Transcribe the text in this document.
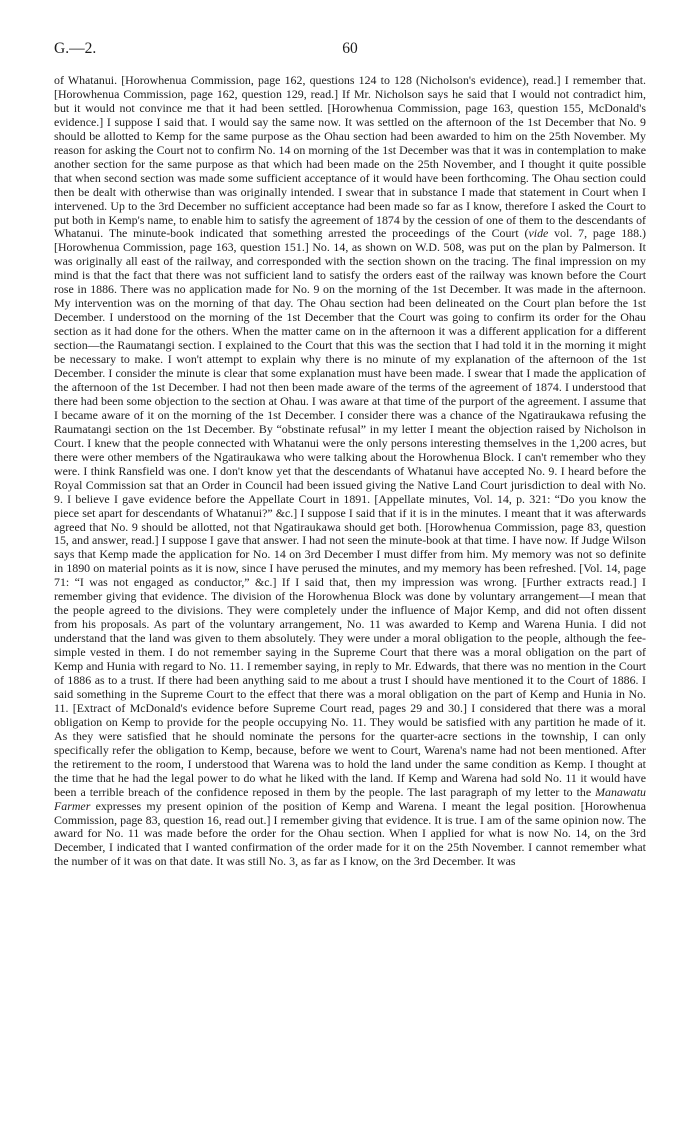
G.—2.	60

of Whatanui. [Horowhenua Commission, page 162, questions 124 to 128 (Nicholson's evidence), read.] I remember that. [Horowhenua Commission, page 162, question 129, read.] If Mr. Nicholson says he said that I would not contradict him, but it would not convince me that it had been settled. [Horowhenua Commission, page 163, question 155, McDonald's evidence.] I suppose I said that. I would say the same now. It was settled on the afternoon of the 1st December that No. 9 should be allotted to Kemp for the same purpose as the Ohau section had been awarded to him on the 25th November. My reason for asking the Court not to confirm No. 14 on morning of the 1st December was that it was in contemplation to make another section for the same purpose as that which had been made on the 25th November, and I thought it quite possible that when second section was made some sufficient acceptance of it would have been forthcoming. The Ohau section could then be dealt with otherwise than was originally intended. I swear that in substance I made that statement in Court when I intervened. Up to the 3rd December no sufficient acceptance had been made so far as I know, therefore I asked the Court to put both in Kemp's name, to enable him to satisfy the agreement of 1874 by the cession of one of them to the descendants of Whatanui. The minute-book indicated that something arrested the proceedings of the Court (vide vol. 7, page 188.) [Horowhenua Commission, page 163, question 151.] No. 14, as shown on W.D. 508, was put on the plan by Palmerson. It was originally all east of the railway, and corresponded with the section shown on the tracing. The final impression on my mind is that the fact that there was not sufficient land to satisfy the orders east of the railway was known before the Court rose in 1886. There was no application made for No. 9 on the morning of the 1st December. It was made in the afternoon. My intervention was on the morning of that day. The Ohau section had been delineated on the Court plan before the 1st December. I understood on the morning of the 1st December that the Court was going to confirm its order for the Ohau section as it had done for the others. When the matter came on in the afternoon it was a different application for a different section—the Raumatangi section. I explained to the Court that this was the section that I had told it in the morning it might be necessary to make. I won't attempt to explain why there is no minute of my explanation of the afternoon of the 1st December. I consider the minute is clear that some explanation must have been made. I swear that I made the application of the afternoon of the 1st December. I had not then been made aware of the terms of the agreement of 1874. I understood that there had been some objection to the section at Ohau. I was aware at that time of the purport of the agreement. I assume that I became aware of it on the morning of the 1st December. I consider there was a chance of the Ngatiraukawa refusing the Raumatangi section on the 1st December. By “obstinate refusal” in my letter I meant the objection raised by Nicholson in Court. I knew that the people connected with Whatanui were the only persons interesting themselves in the 1,200 acres, but there were other members of the Ngatiraukawa who were talking about the Horowhenua Block. I can't remember who they were. I think Ransfield was one. I don't know yet that the descendants of Whatanui have accepted No. 9. I heard before the Royal Commission sat that an Order in Council had been issued giving the Native Land Court jurisdiction to deal with No. 9. I believe I gave evidence before the Appellate Court in 1891. [Appellate minutes, Vol. 14, p. 321: “Do you know the piece set apart for descendants of Whatanui?” &c.] I suppose I said that if it is in the minutes. I meant that it was afterwards agreed that No. 9 should be allotted, not that Ngatiraukawa should get both. [Horowhenua Commission, page 83, question 15, and answer, read.] I suppose I gave that answer. I had not seen the minute-book at that time. I have now. If Judge Wilson says that Kemp made the application for No. 14 on 3rd December I must differ from him. My memory was not so definite in 1890 on material points as it is now, since I have perused the minutes, and my memory has been refreshed. [Vol. 14, page 71: “I was not engaged as conductor,” &c.] If I said that, then my impression was wrong. [Further extracts read.] I remember giving that evidence. The division of the Horowhenua Block was done by voluntary arrangement—I mean that the people agreed to the divisions. They were completely under the influence of Major Kemp, and did not often dissent from his proposals. As part of the voluntary arrangement, No. 11 was awarded to Kemp and Warena Hunia. I did not understand that the land was given to them absolutely. They were under a moral obligation to the people, although the fee-simple vested in them. I do not remember saying in the Supreme Court that there was a moral obligation on the part of Kemp and Hunia with regard to No. 11. I remember saying, in reply to Mr. Edwards, that there was no mention in the Court of 1886 as to a trust. If there had been anything said to me about a trust I should have mentioned it to the Court of 1886. I said something in the Supreme Court to the effect that there was a moral obligation on the part of Kemp and Hunia in No. 11. [Extract of McDonald's evidence before Supreme Court read, pages 29 and 30.] I considered that there was a moral obligation on Kemp to provide for the people occupying No. 11. They would be satisfied with any partition he made of it. As they were satisfied that he should nominate the persons for the quarter-acre sections in the township, I can only specifically refer the obligation to Kemp, because, before we went to Court, Warena's name had not been mentioned. After the retirement to the room, I understood that Warena was to hold the land under the same condition as Kemp. I thought at the time that he had the legal power to do what he liked with the land. If Kemp and Warena had sold No. 11 it would have been a terrible breach of the confidence reposed in them by the people. The last paragraph of my letter to the Manawatu Farmer expresses my present opinion of the position of Kemp and Warena. I meant the legal position. [Horowhenua Commission, page 83, question 16, read out.] I remember giving that evidence. It is true. I am of the same opinion now. The award for No. 11 was made before the order for the Ohau section. When I applied for what is now No. 14, on the 3rd December, I indicated that I wanted confirmation of the order made for it on the 25th November. I cannot remember what the number of it was on that date. It was still No. 3, as far as I know, on the 3rd December. It was
